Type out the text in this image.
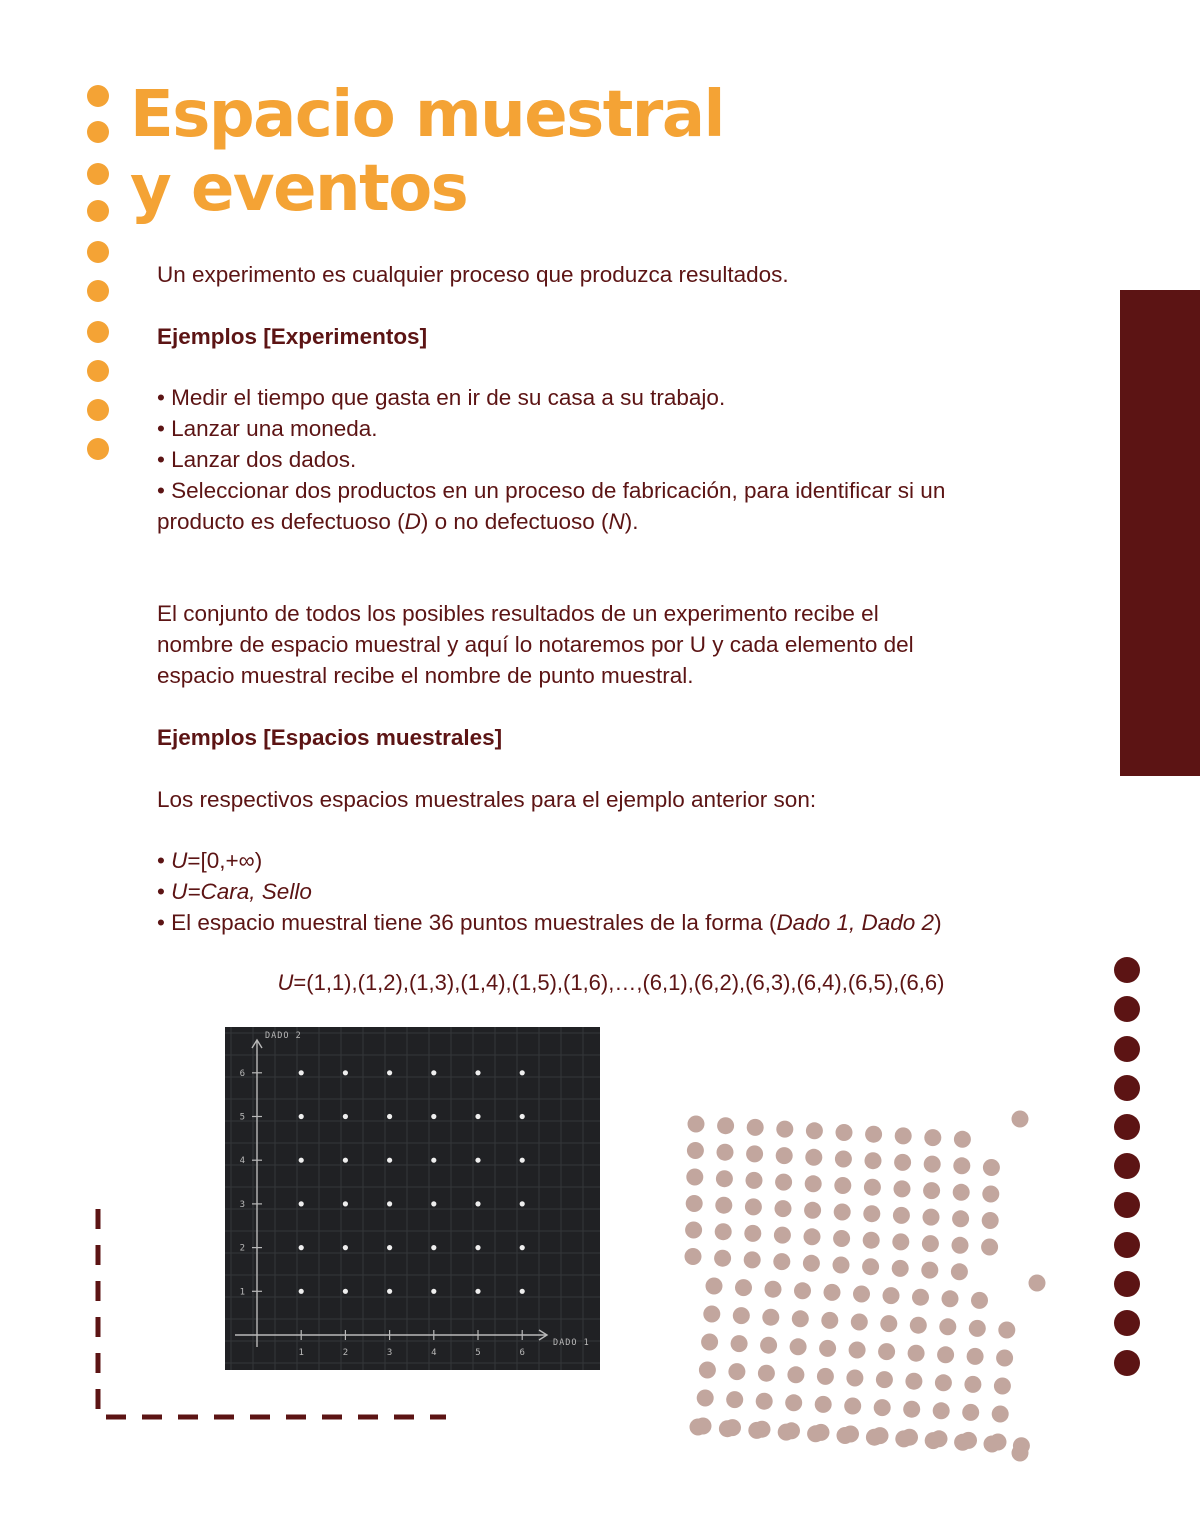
Espacio muestral
y eventos

Un experimento es cualquier proceso que produzca resultados.

Ejemplos [Experimentos]

• Medir el tiempo que gasta en ir de su casa a su trabajo.

• Lanzar una moneda.

• Lanzar dos dados.

• Seleccionar dos productos en un proceso de fabricación, para identificar si un

producto es defectuoso (D) o no defectuoso (N).

El conjunto de todos los posibles resultados de un experimento recibe el

nombre de espacio muestral y aquí lo notaremos por U y cada elemento del

espacio muestral recibe el nombre de punto muestral.

Ejemplos [Espacios muestrales]

Los respectivos espacios muestrales para el ejemplo anterior son:

• U=[0,+∞)

• U=Cara, Sello

• El espacio muestral tiene 36 puntos muestrales de la forma (Dado 1, Dado 2)

U=(1,1),(1,2),(1,3),(1,4),(1,5),(1,6),…,(6,1),(6,2),(6,3),(6,4),(6,5),(6,6)

1	2	3	4	5	6
1
2
3
4
5
6
DADO 2
DADO 1
